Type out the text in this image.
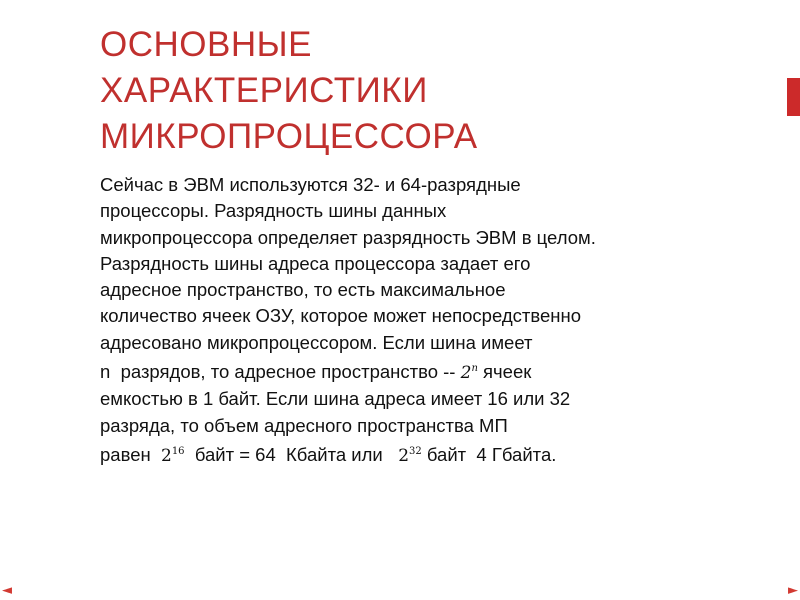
ОСНОВНЫЕ
ХАРАКТЕРИСТИКИ
МИКРОПРОЦЕССОРА
Сейчас в ЭВМ используются 32- и 64-разрядные
процессоры. Разрядность шины данных
микропроцессора определяет разрядность ЭВМ в целом.
Разрядность шины адреса процессора задает его
адресное пространство, то есть максимальное
количество ячеек ОЗУ, которое может непосредственно
адресовано микропроцессором. Если шина имеет
n  разрядов, то адресное пространство -- 2$^n$ ячеек
емкостью в 1 байт. Если шина адреса имеет 16 или 32
разряда, то объем адресного пространства МП
равен  $2^{16}$  байт = 64  Кбайта или   $2^{32}$ байт  4 Гбайта.
◄	►
